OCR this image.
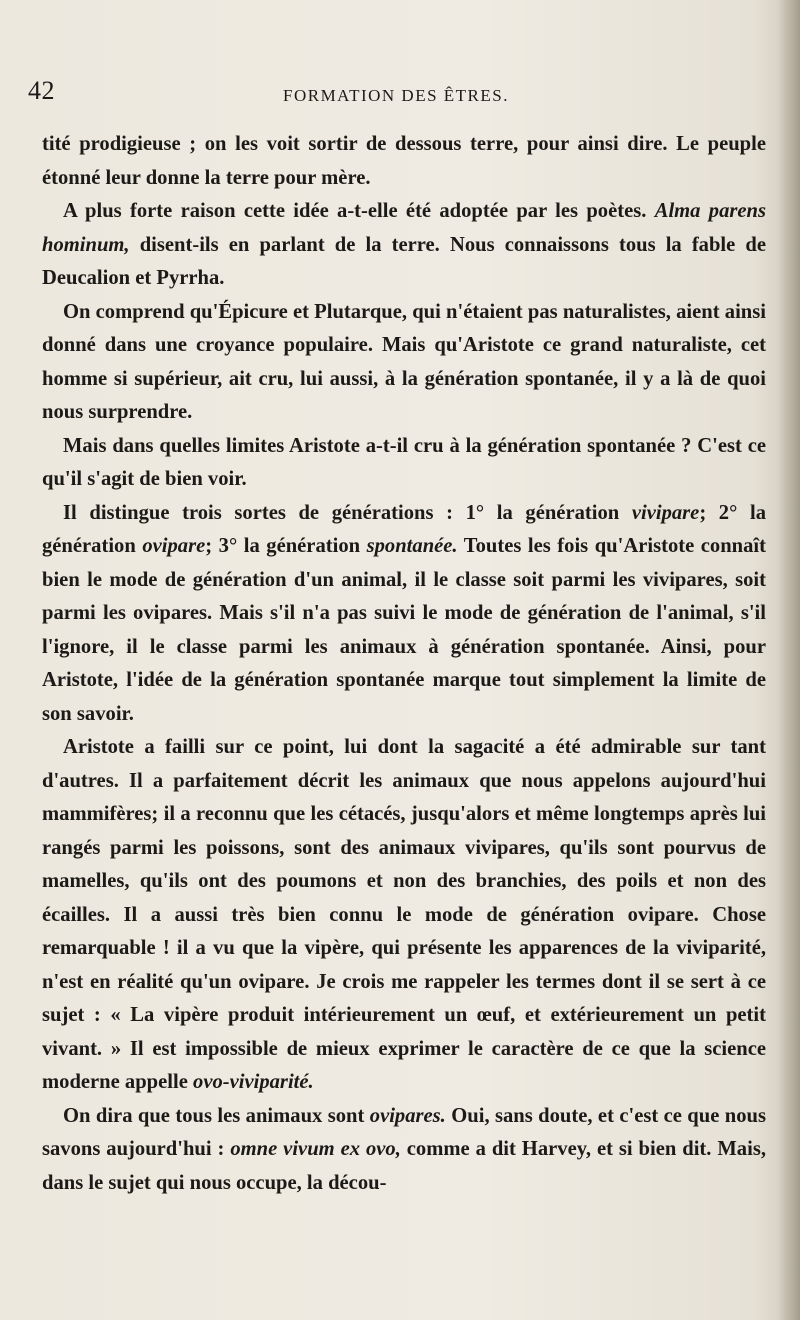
42	FORMATION DES ÊTRES.

tité prodigieuse ; on les voit sortir de dessous terre, pour ainsi dire. Le peuple étonné leur donne la terre pour mère.

A plus forte raison cette idée a-t-elle été adoptée par les poètes. Alma parens hominum, disent-ils en parlant de la terre. Nous connaissons tous la fable de Deucalion et Pyrrha.

On comprend qu'Épicure et Plutarque, qui n'étaient pas naturalistes, aient ainsi donné dans une croyance populaire. Mais qu'Aristote ce grand naturaliste, cet homme si supérieur, ait cru, lui aussi, à la génération spontanée, il y a là de quoi nous surprendre.

Mais dans quelles limites Aristote a-t-il cru à la génération spontanée ? C'est ce qu'il s'agit de bien voir.

Il distingue trois sortes de générations : 1° la génération vivipare; 2° la génération ovipare; 3° la génération spontanée. Toutes les fois qu'Aristote connaît bien le mode de génération d'un animal, il le classe soit parmi les vivipares, soit parmi les ovipares. Mais s'il n'a pas suivi le mode de génération de l'animal, s'il l'ignore, il le classe parmi les animaux à génération spontanée. Ainsi, pour Aristote, l'idée de la génération spontanée marque tout simplement la limite de son savoir.

Aristote a failli sur ce point, lui dont la sagacité a été admirable sur tant d'autres. Il a parfaitement décrit les animaux que nous appelons aujourd'hui mammifères; il a reconnu que les cétacés, jusqu'alors et même longtemps après lui rangés parmi les poissons, sont des animaux vivipares, qu'ils sont pourvus de mamelles, qu'ils ont des poumons et non des branchies, des poils et non des écailles. Il a aussi très bien connu le mode de génération ovipare. Chose remarquable ! il a vu que la vipère, qui présente les apparences de la viviparité, n'est en réalité qu'un ovipare. Je crois me rappeler les termes dont il se sert à ce sujet : « La vipère produit intérieurement un œuf, et extérieurement un petit vivant. » Il est impossible de mieux exprimer le caractère de ce que la science moderne appelle ovo-viviparité.

On dira que tous les animaux sont ovipares. Oui, sans doute, et c'est ce que nous savons aujourd'hui : omne vivum ex ovo, comme a dit Harvey, et si bien dit. Mais, dans le sujet qui nous occupe, la décou-
